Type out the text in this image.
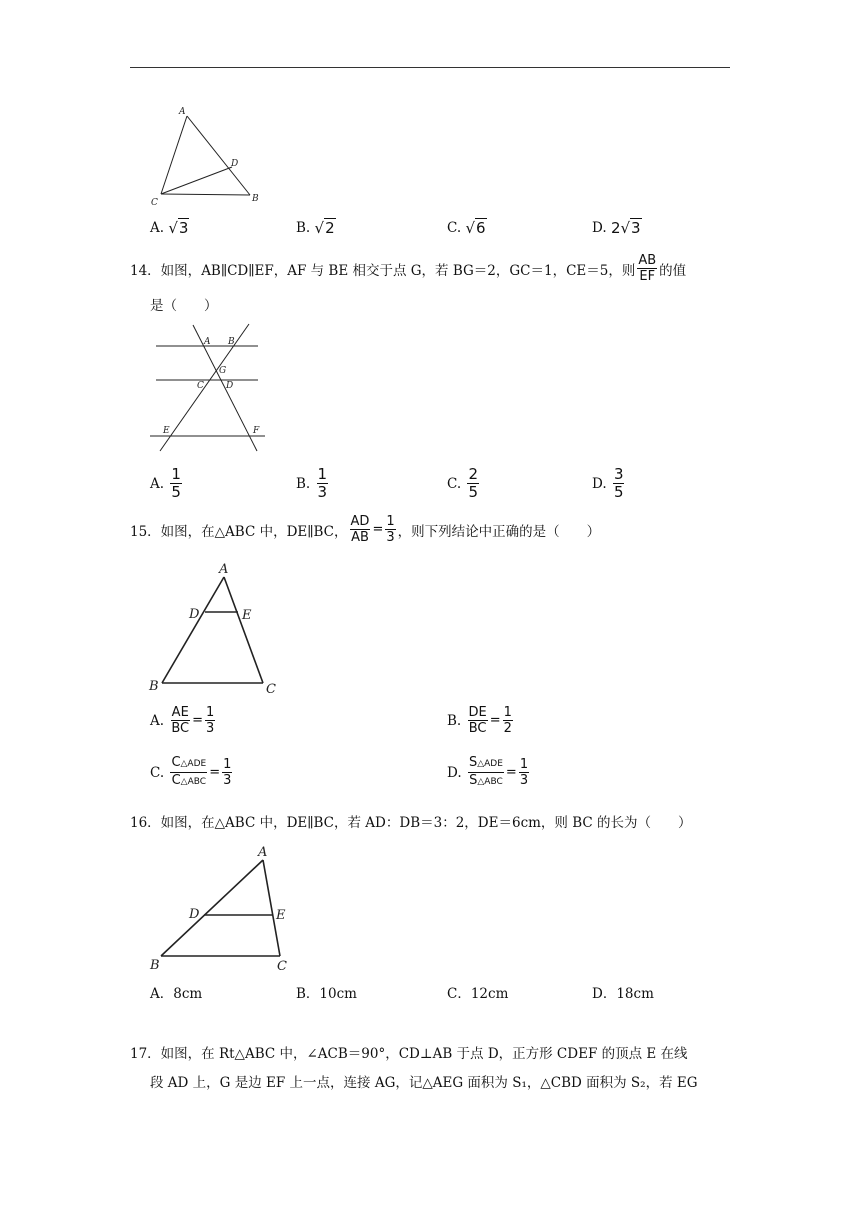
A
D
C	B
A.
√3	B.
√2	C.
√6	D.
2√3
14．如图， AB∥CD∥EF，AF 与 BE 相交于点 G，若 BG＝2，GC＝1，CE＝5，则 $\frac{AB}{EF}$ 的值
是（　　）
A B
G
C D
E	F
A.
$\frac{1}{5}$	B.
$\frac{1}{3}$	C.
$\frac{2}{5}$	D.
$\frac{3}{5}$
15．如图，在△ABC 中，DE∥BC， $\frac{AD}{AB} = \frac{1}{3}$ ，则下列结论中正确的是（　　）
A
D	E
B	C
A.
$\frac{AE}{BC} = \frac{1}{3}$	B.
$\frac{DE}{BC} = \frac{1}{2}$
C.
$\frac{\text{C△ADE}}{\text{C△ABC}} = \frac{1}{3}$	D.
$\frac{\text{S△ADE}}{\text{S△ABC}} = \frac{1}{3}$
16．如图，在△ABC 中，DE∥BC，若 AD：DB＝3：2，DE＝6cm，则 BC 的长为（　　）
A
D	E
B	C
A．8cm	B．10cm	C．12cm	D．18cm
17．如图，在 Rt△ABC 中，∠ACB＝90°，CD⊥AB 于点 D，正方形 CDEF 的顶点 E 在线
段 AD 上，G 是边 EF 上一点，连接 AG，记△AEG 面积为 S₁，△CBD 面积为 S₂，若 EG
